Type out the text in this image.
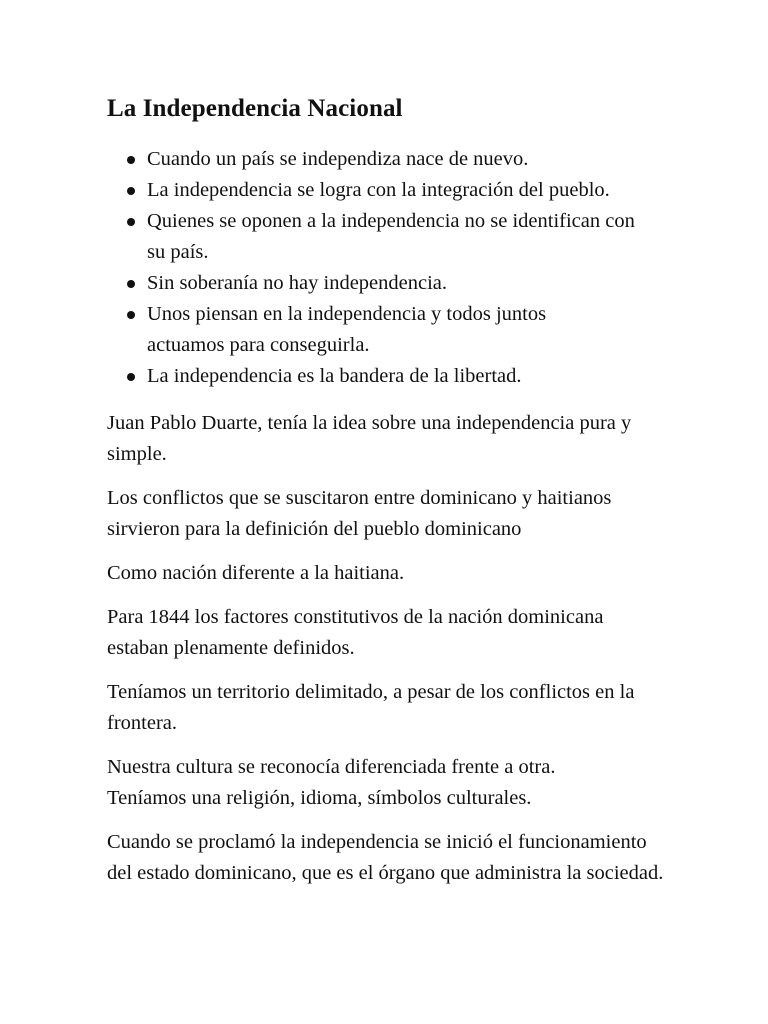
La Independencia Nacional
Cuando un país se independiza nace de nuevo.
La independencia se logra con la integración del pueblo.
Quienes se oponen a la independencia no se identifican con su país.
Sin soberanía no hay independencia.
Unos piensan en la independencia y todos juntos actuamos para conseguirla.
La independencia es la bandera de la libertad.

Juan Pablo Duarte, tenía la idea sobre una independencia pura y simple.

Los conflictos que se suscitaron entre dominicano y haitianos sirvieron para la definición del pueblo dominicano

Como nación diferente a la haitiana.

Para 1844 los factores constitutivos de la nación dominicana estaban plenamente definidos.

Teníamos un territorio delimitado, a pesar de los conflictos en la frontera.

Nuestra cultura se reconocía diferenciada frente a otra. Teníamos una religión, idioma, símbolos culturales.

Cuando se proclamó la independencia se inició el funcionamiento del estado dominicano, que es el órgano que administra la sociedad.
